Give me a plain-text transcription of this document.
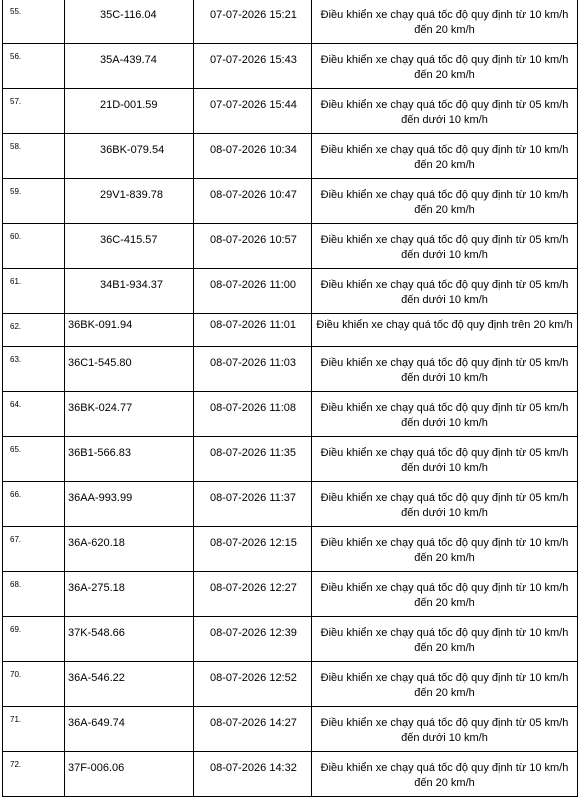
55.	35C-116.04	07-07-2026 15:21	Điều khiển xe chạy quá tốc độ quy định từ 10 km/h đến 20 km/h
56.	35A-439.74	07-07-2026 15:43	Điều khiển xe chạy quá tốc độ quy định từ 10 km/h đến 20 km/h
57.	21D-001.59	07-07-2026 15:44	Điều khiển xe chạy quá tốc độ quy định từ 05 km/h đến dưới 10 km/h
58.	36BK-079.54	08-07-2026 10:34	Điều khiển xe chạy quá tốc độ quy định từ 10 km/h đến 20 km/h
59.	29V1-839.78	08-07-2026 10:47	Điều khiển xe chạy quá tốc độ quy định từ 10 km/h đến 20 km/h
60.	36C-415.57	08-07-2026 10:57	Điều khiển xe chạy quá tốc độ quy định từ 05 km/h đến dưới 10 km/h
61.	34B1-934.37	08-07-2026 11:00	Điều khiển xe chạy quá tốc độ quy định từ 05 km/h đến dưới 10 km/h
62.	36BK-091.94	08-07-2026 11:01	Điều khiển xe chạy quá tốc độ quy định trên 20 km/h
63.	36C1-545.80	08-07-2026 11:03	Điều khiển xe chạy quá tốc độ quy định từ 05 km/h đến dưới 10 km/h
64.	36BK-024.77	08-07-2026 11:08	Điều khiển xe chạy quá tốc độ quy định từ 05 km/h đến dưới 10 km/h
65.	36B1-566.83	08-07-2026 11:35	Điều khiển xe chạy quá tốc độ quy định từ 05 km/h đến dưới 10 km/h
66.	36AA-993.99	08-07-2026 11:37	Điều khiển xe chạy quá tốc độ quy định từ 05 km/h đến dưới 10 km/h
67.	36A-620.18	08-07-2026 12:15	Điều khiển xe chạy quá tốc độ quy định từ 10 km/h đến 20 km/h
68.	36A-275.18	08-07-2026 12:27	Điều khiển xe chạy quá tốc độ quy định từ 10 km/h đến 20 km/h
69.	37K-548.66	08-07-2026 12:39	Điều khiển xe chạy quá tốc độ quy định từ 10 km/h đến 20 km/h
70.	36A-546.22	08-07-2026 12:52	Điều khiển xe chạy quá tốc độ quy định từ 10 km/h đến 20 km/h
71.	36A-649.74	08-07-2026 14:27	Điều khiển xe chạy quá tốc độ quy định từ 05 km/h đến dưới 10 km/h
72.	37F-006.06	08-07-2026 14:32	Điều khiển xe chạy quá tốc độ quy định từ 10 km/h đến 20 km/h
